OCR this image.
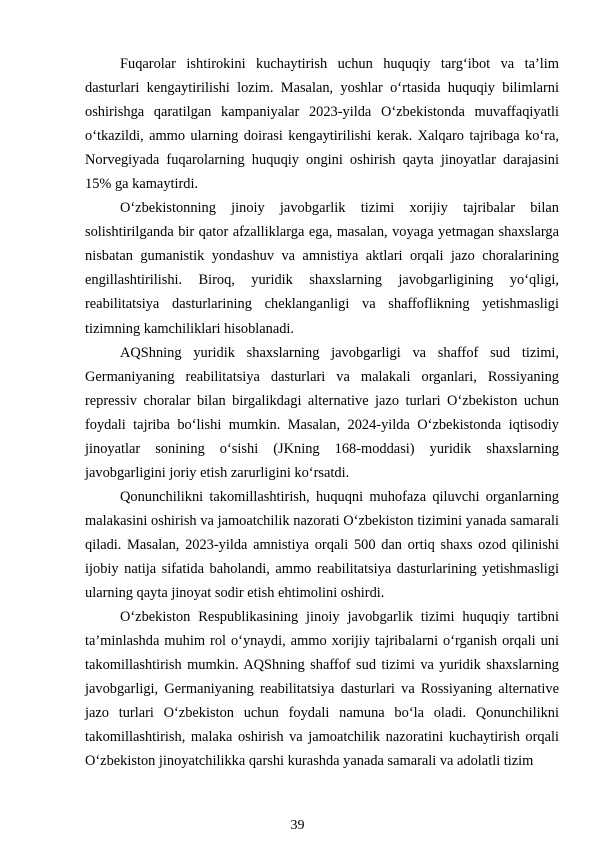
Fuqarolar ishtirokini kuchaytirish uchun huquqiy targ‘ibot va ta’lim dasturlari kengaytirilishi lozim. Masalan, yoshlar o‘rtasida huquqiy bilimlarni oshirishga qaratilgan kampaniyalar 2023-yilda O‘zbekistonda muvaffaqiyatli o‘tkazildi, ammo ularning doirasi kengaytirilishi kerak. Xalqaro tajribaga ko‘ra, Norvegiyada fuqarolarning huquqiy ongini oshirish qayta jinoyatlar darajasini 15% ga kamaytirdi.

O‘zbekistonning jinoiy javobgarlik tizimi xorijiy tajribalar bilan solishtirilganda bir qator afzalliklarga ega, masalan, voyaga yetmagan shaxslarga nisbatan gumanistik yondashuv va amnistiya aktlari orqali jazo choralarining engillashtirilishi. Biroq, yuridik shaxslarning javobgarligining yo‘qligi, reabilitatsiya dasturlarining cheklanganligi va shaffoflikning yetishmasligi tizimning kamchiliklari hisoblanadi.

AQShning yuridik shaxslarning javobgarligi va shaffof sud tizimi, Germaniyaning reabilitatsiya dasturlari va malakali organlari, Rossiyaning repressiv choralar bilan birgalikdagi alternative jazo turlari O‘zbekiston uchun foydali tajriba bo‘lishi mumkin. Masalan, 2024-yilda O‘zbekistonda iqtisodiy jinoyatlar sonining o‘sishi (JKning 168-moddasi) yuridik shaxslarning javobgarligini joriy etish zarurligini ko‘rsatdi.

Qonunchilikni takomillashtirish, huquqni muhofaza qiluvchi organlarning malakasini oshirish va jamoatchilik nazorati O‘zbekiston tizimini yanada samarali qiladi. Masalan, 2023-yilda amnistiya orqali 500 dan ortiq shaxs ozod qilinishi ijobiy natija sifatida baholandi, ammo reabilitatsiya dasturlarining yetishmasligi ularning qayta jinoyat sodir etish ehtimolini oshirdi.

O‘zbekiston Respublikasining jinoiy javobgarlik tizimi huquqiy tartibni ta’minlashda muhim rol o‘ynaydi, ammo xorijiy tajribalarni o‘rganish orqali uni takomillashtirish mumkin. AQShning shaffof sud tizimi va yuridik shaxslarning javobgarligi, Germaniyaning reabilitatsiya dasturlari va Rossiyaning alternative jazo turlari O‘zbekiston uchun foydali namuna bo‘la oladi. Qonunchilikni takomillashtirish, malaka oshirish va jamoatchilik nazoratini kuchaytirish orqali O‘zbekiston jinoyatchilikka qarshi kurashda yanada samarali va adolatli tizim

39
